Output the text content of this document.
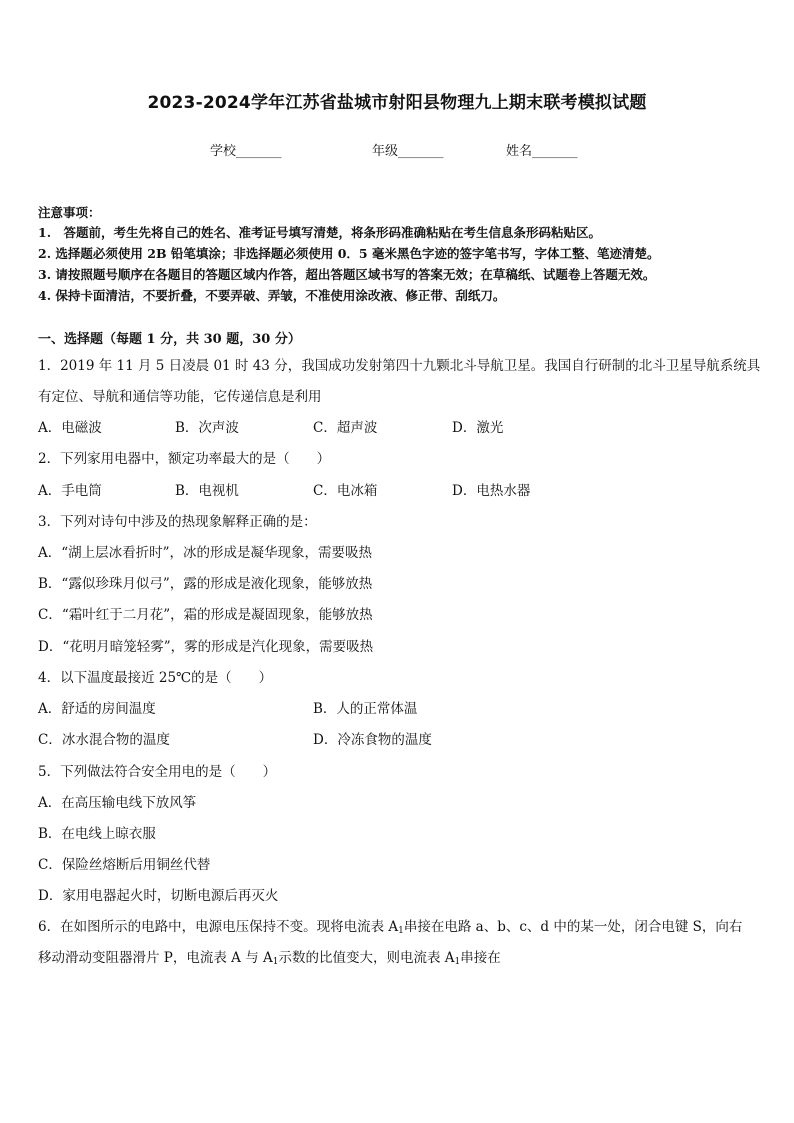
2023-2024学年江苏省盐城市射阳县物理九上期末联考模拟试题
学校_______	年级_______	姓名_______
注意事项：
1.　答题前，考生先将自己的姓名、准考证号填写清楚，将条形码准确粘贴在考生信息条形码粘贴区。
2. 选择题必须使用 2B 铅笔填涂；非选择题必须使用 0．5 毫米黑色字迹的签字笔书写，字体工整、笔迹清楚。
3. 请按照题号顺序在各题目的答题区域内作答，超出答题区域书写的答案无效；在草稿纸、试题卷上答题无效。
4. 保持卡面清洁，不要折叠，不要弄破、弄皱，不准使用涂改液、修正带、刮纸刀。
一、选择题（每题 1 分，共 30 题，30 分）
1．2019 年 11 月 5 日凌晨 01 时 43 分，我国成功发射第四十九颗北斗导航卫星。我国自行研制的北斗卫星导航系统具
有定位、导航和通信等功能，它传递信息是利用
A．电磁波	B．次声波	C．超声波	D．激光
2．下列家用电器中，额定功率最大的是（　　）
A．手电筒	B．电视机	C．电冰箱	D．电热水器
3．下列对诗句中涉及的热现象解释正确的是：
A．“湖上层冰看折时”，冰的形成是凝华现象，需要吸热
B．“露似珍珠月似弓”，露的形成是液化现象，能够放热
C．“霜叶红于二月花”，霜的形成是凝固现象，能够放热
D．“花明月暗笼轻雾”，雾的形成是汽化现象，需要吸热
4．以下温度最接近 25℃的是（　　）
A．舒适的房间温度	B．人的正常体温
C．冰水混合物的温度	D．冷冻食物的温度
5．下列做法符合安全用电的是（　　）
A．在高压输电线下放风筝
B．在电线上晾衣服
C．保险丝熔断后用铜丝代替
D．家用电器起火时，切断电源后再灭火
6．在如图所示的电路中，电源电压保持不变。现将电流表 $A_1$串接在电路 a、b、c、d 中的某一处，闭合电键 S，向右
移动滑动变阻器滑片 P，电流表 A 与 $A_1$示数的比值变大，则电流表 $A_1$串接在
